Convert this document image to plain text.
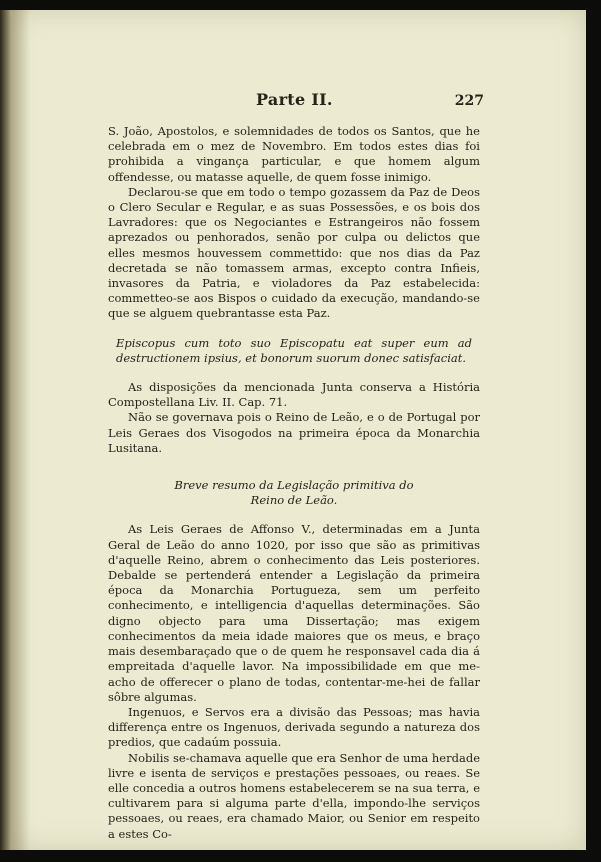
Parte II.	227

S. João, Apostolos, e solemnidades de todos os Santos, que he celebrada em o mez de Novembro. Em todos estes dias foi prohibida a vingança particular, e que homem algum offendesse, ou matasse aquelle, de quem fosse inimigo.

Declarou-se que em todo o tempo gozassem da Paz de Deos o Clero Secular e Regular, e as suas Possessões, e os bois dos Lavradores: que os Negociantes e Estrangeiros não fossem aprezados ou penhorados, senão por culpa ou delictos que elles mesmos houvessem commettido: que nos dias da Paz decretada se não tomassem armas, excepto contra Infieis, invasores da Patria, e violadores da Paz estabelecida: commetteo-se aos Bispos o cuidado da execução, mandando-se que se alguem quebrantasse esta Paz.

Episcopus cum toto suo Episcopatu eat super eum ad destructionem ipsius, et bonorum suorum donec satisfaciat.

As disposições da mencionada Junta conserva a História Compostellana Liv. II. Cap. 71.

Não se governava pois o Reino de Leão, e o de Portugal por Leis Geraes dos Visogodos na primeira época da Monarchia Lusitana.

Breve resumo da Legislação primitiva do Reino de Leão.

As Leis Geraes de Affonso V., determinadas em a Junta Geral de Leão do anno 1020, por isso que são as primitivas d'aquelle Reino, abrem o conhecimento das Leis posteriores. Debalde se pertenderá entender a Legislação da primeira época da Monarchia Portugueza, sem um perfeito conhecimento, e intelligencia d'aquellas determinações. São digno objecto para uma Dissertação; mas exigem conhecimentos da meia idade maiores que os meus, e braço mais desembaraçado que o de quem he responsavel cada dia á empreitada d'aquelle lavor. Na impossibilidade em que me-acho de offerecer o plano de todas, contentar-me-hei de fallar sôbre algumas.

Ingenuos, e Servos era a divisão das Pessoas; mas havia differença entre os Ingenuos, derivada segundo a natureza dos predios, que cadaúm possuia.

Nobilis se-chamava aquelle que era Senhor de uma herdade livre e isenta de serviços e prestações pessoaes, ou reaes. Se elle concedia a outros homens estabelecerem se na sua terra, e cultivarem para si alguma parte d'ella, impondo-lhe serviços pessoaes, ou reaes, era chamado Maior, ou Senior em respeito a estes Co-
